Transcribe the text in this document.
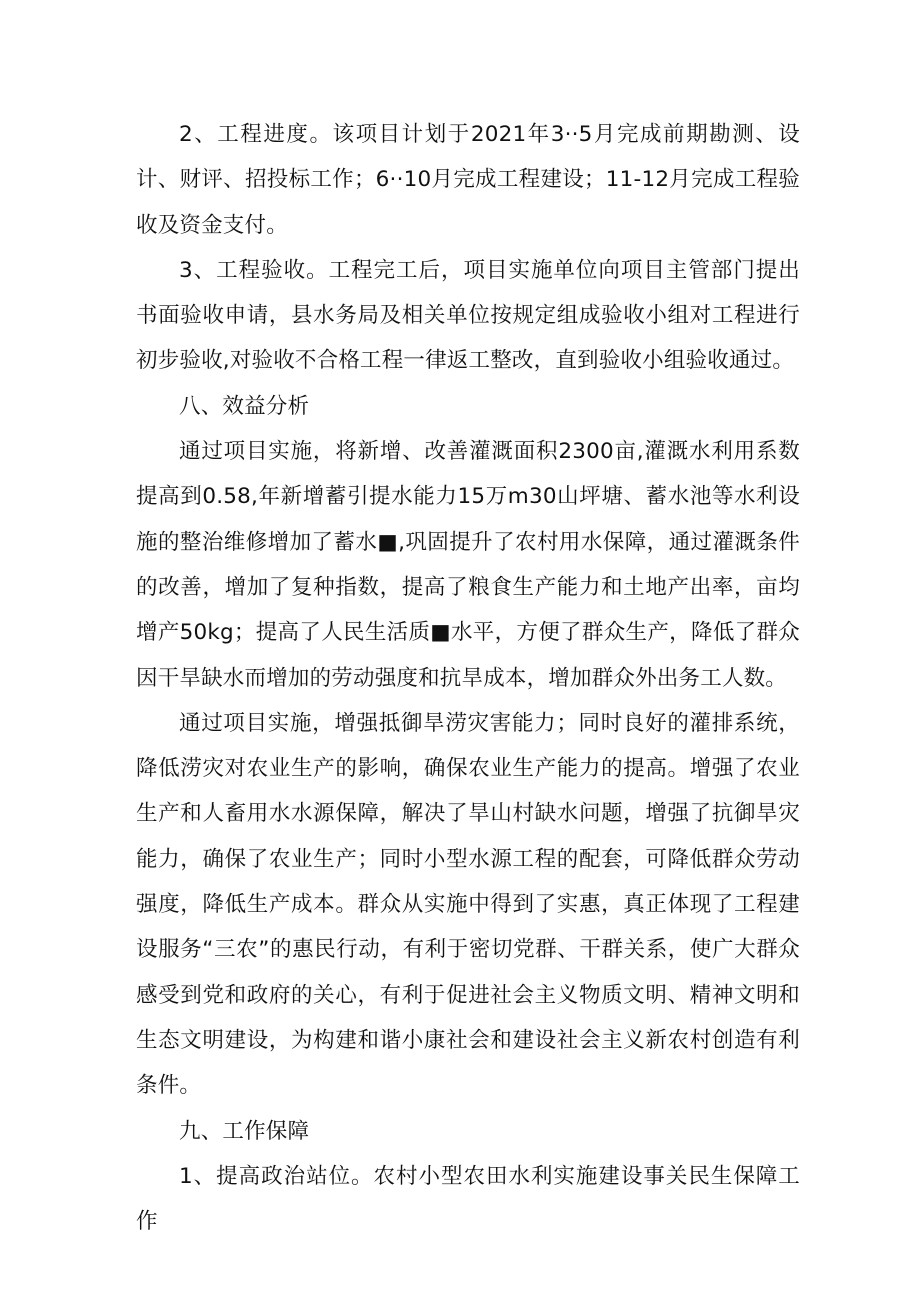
2、工程进度。该项目计划于2021年3··5月完成前期勘测、设计、财评、招投标工作；6··10月完成工程建设；11-12月完成工程验收及资金支付。

3、工程验收。工程完工后，项目实施单位向项目主管部门提出书面验收申请，县水务局及相关单位按规定组成验收小组对工程进行初步验收,对验收不合格工程一律返工整改，直到验收小组验收通过。

八、效益分析

通过项目实施，将新增、改善灌溉面积2300亩,灌溉水利用系数提高到0.58,年新增蓄引提水能力15万m30山坪塘、蓄水池等水利设施的整治维修增加了蓄水■,巩固提升了农村用水保障，通过灌溉条件的改善，增加了复种指数，提高了粮食生产能力和土地产出率，亩均增产50kg；提高了人民生活质■水平，方便了群众生产，降低了群众因干旱缺水而增加的劳动强度和抗旱成本，增加群众外出务工人数。

通过项目实施，增强抵御旱涝灾害能力；同时良好的灌排系统，降低涝灾对农业生产的影响，确保农业生产能力的提高。增强了农业生产和人畜用水水源保障，解决了旱山村缺水问题，增强了抗御旱灾能力，确保了农业生产；同时小型水源工程的配套，可降低群众劳动强度，降低生产成本。群众从实施中得到了实惠，真正体现了工程建设服务“三农”的惠民行动，有利于密切党群、干群关系，使广大群众感受到党和政府的关心，有利于促进社会主义物质文明、精神文明和生态文明建设，为构建和谐小康社会和建设社会主义新农村创造有利条件。

九、工作保障

1、提高政治站位。农村小型农田水利实施建设事关民生保障工作
